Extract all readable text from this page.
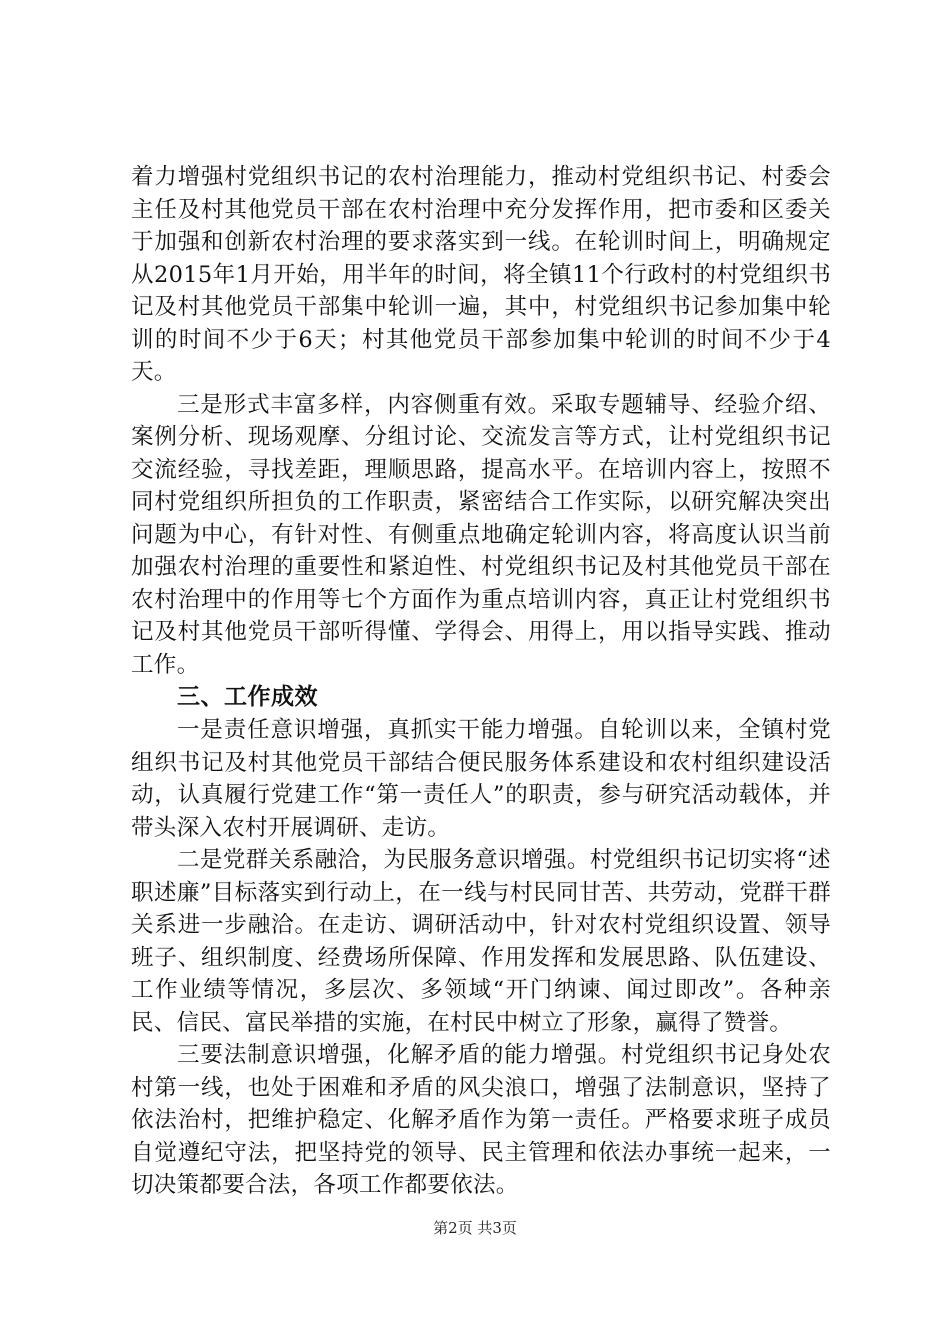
着力增强村党组织书记的农村治理能力，推动村党组织书记、村委会主任及村其他党员干部在农村治理中充分发挥作用，把市委和区委关于加强和创新农村治理的要求落实到一线。在轮训时间上，明确规定从2015年1月开始，用半年的时间，将全镇11个行政村的村党组织书记及村其他党员干部集中轮训一遍，其中，村党组织书记参加集中轮训的时间不少于6天；村其他党员干部参加集中轮训的时间不少于4天。

三是形式丰富多样，内容侧重有效。采取专题辅导、经验介绍、案例分析、现场观摩、分组讨论、交流发言等方式，让村党组织书记交流经验，寻找差距，理顺思路，提高水平。在培训内容上，按照不同村党组织所担负的工作职责，紧密结合工作实际，以研究解决突出问题为中心，有针对性、有侧重点地确定轮训内容，将高度认识当前加强农村治理的重要性和紧迫性、村党组织书记及村其他党员干部在农村治理中的作用等七个方面作为重点培训内容，真正让村党组织书记及村其他党员干部听得懂、学得会、用得上，用以指导实践、推动工作。

三、工作成效

一是责任意识增强，真抓实干能力增强。自轮训以来，全镇村党组织书记及村其他党员干部结合便民服务体系建设和农村组织建设活动，认真履行党建工作“第一责任人”的职责，参与研究活动载体，并带头深入农村开展调研、走访。

二是党群关系融洽，为民服务意识增强。村党组织书记切实将“述职述廉”目标落实到行动上，在一线与村民同甘苦、共劳动，党群干群关系进一步融洽。在走访、调研活动中，针对农村党组织设置、领导班子、组织制度、经费场所保障、作用发挥和发展思路、队伍建设、工作业绩等情况，多层次、多领域“开门纳谏、闻过即改”。各种亲民、信民、富民举措的实施，在村民中树立了形象，赢得了赞誉。

三要法制意识增强，化解矛盾的能力增强。村党组织书记身处农村第一线，也处于困难和矛盾的风尖浪口，增强了法制意识，坚持了依法治村，把维护稳定、化解矛盾作为第一责任。严格要求班子成员自觉遵纪守法，把坚持党的领导、民主管理和依法办事统一起来，一切决策都要合法，各项工作都要依法。

第2页 共3页
